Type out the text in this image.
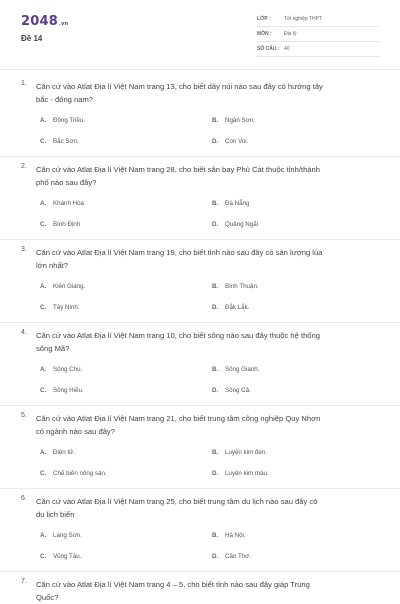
2048.vn
Đề 14
LỚP :	Tốt nghiệp THPT
MÔN : Địa lý
SỐ CÂU : 40
1. Căn cứ vào Atlat Địa lí Việt Nam trang 13, cho biết dãy núi nào sau đây có hướng tây
bắc - đông nam?
A. Đông Triều.	B. Ngân Sơn.
C. Bắc Sơn.	D. Con Voi.
2. Căn cứ vào Atlat Địa lí Việt Nam trang 28, cho biết sân bay Phù Cát thuộc tỉnh/thành
phố nào sau đây?
A. Khánh Hòa	B. Đà Nẵng
C. Bình Định	D. Quảng Ngãi
3. Căn cứ vào Atlat Địa lí Việt Nam trang 19, cho biết tỉnh nào sau đây có sản lượng lúa
lớn nhất?
A. Kiên Giang.	B. Bình Thuận.
C. Tây Ninh.	D. Đắk Lắk.
4. Căn cứ vào Atlat Địa lí Việt Nam trang 10, cho biết sông nào sau đây thuộc hệ thống
sông Mã?
A. Sông Chu.	B. Sông Gianh.
C. Sông Hiếu.	D. Sông Cả.
5. Căn cứ vào Atlat Địa lí Việt Nam trang 21, cho biết trung tâm công nghiệp Quy Nhơn
có ngành nào sau đây?
A. Điện tử.	B. Luyện kim đen.
C. Chế biến nông sản.	D. Luyện kim màu.
6. Căn cứ vào Atlat Địa lí Việt Nam trang 25, cho biết trung tâm du lịch nào sau đây có
du lịch biển
A. Lạng Sơn.	B. Hà Nội.
C. Vũng Tàu.	D. Cần Thơ.
7. Căn cứ vào Atlat Địa lí Việt Nam trang 4 – 5, cho biết tỉnh nào sau đây giáp Trung
Quốc?
